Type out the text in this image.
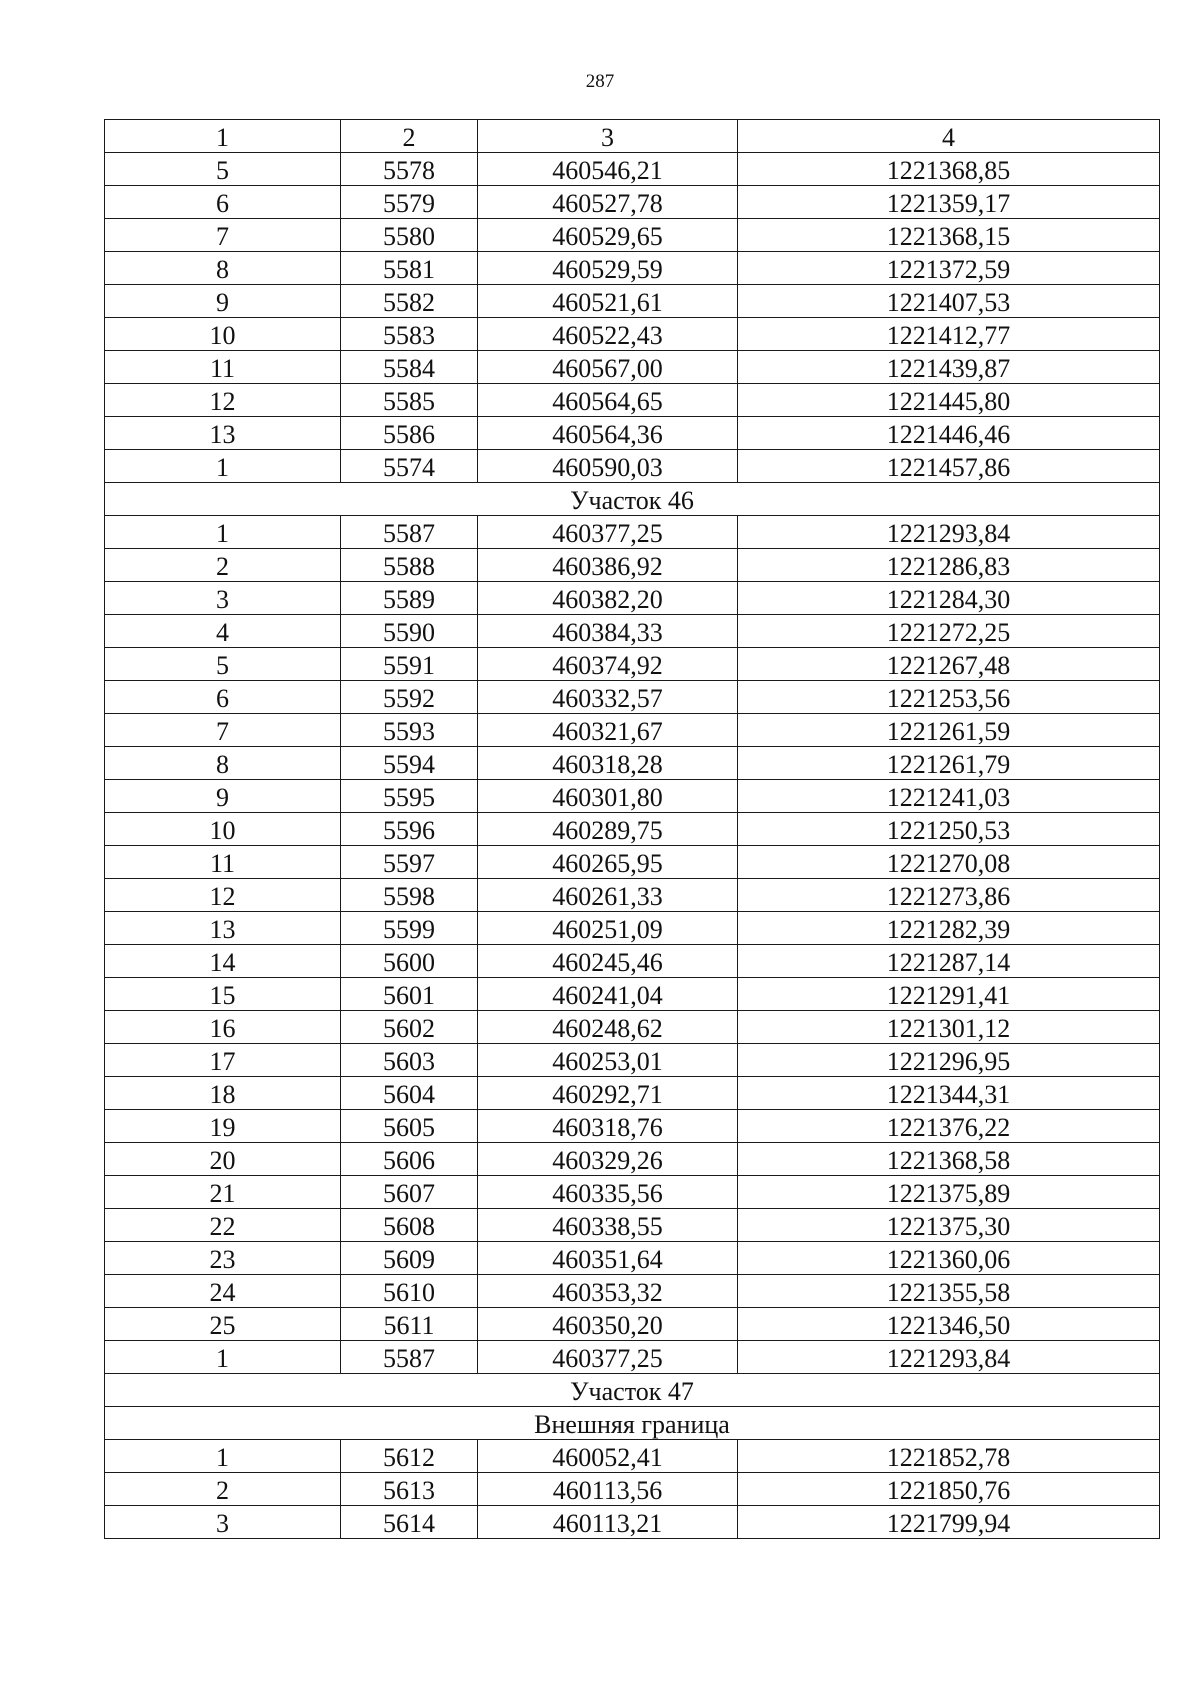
287
1	2	3	4
5	5578	460546,21	1221368,85
6	5579	460527,78	1221359,17
7	5580	460529,65	1221368,15
8	5581	460529,59	1221372,59
9	5582	460521,61	1221407,53
10	5583	460522,43	1221412,77
11	5584	460567,00	1221439,87
12	5585	460564,65	1221445,80
13	5586	460564,36	1221446,46
1	5574	460590,03	1221457,86
Участок 46			
1	5587	460377,25	1221293,84
2	5588	460386,92	1221286,83
3	5589	460382,20	1221284,30
4	5590	460384,33	1221272,25
5	5591	460374,92	1221267,48
6	5592	460332,57	1221253,56
7	5593	460321,67	1221261,59
8	5594	460318,28	1221261,79
9	5595	460301,80	1221241,03
10	5596	460289,75	1221250,53
11	5597	460265,95	1221270,08
12	5598	460261,33	1221273,86
13	5599	460251,09	1221282,39
14	5600	460245,46	1221287,14
15	5601	460241,04	1221291,41
16	5602	460248,62	1221301,12
17	5603	460253,01	1221296,95
18	5604	460292,71	1221344,31
19	5605	460318,76	1221376,22
20	5606	460329,26	1221368,58
21	5607	460335,56	1221375,89
22	5608	460338,55	1221375,30
23	5609	460351,64	1221360,06
24	5610	460353,32	1221355,58
25	5611	460350,20	1221346,50
1	5587	460377,25	1221293,84
Участок 47			
Внешняя граница			
1	5612	460052,41	1221852,78
2	5613	460113,56	1221850,76
3	5614	460113,21	1221799,94
